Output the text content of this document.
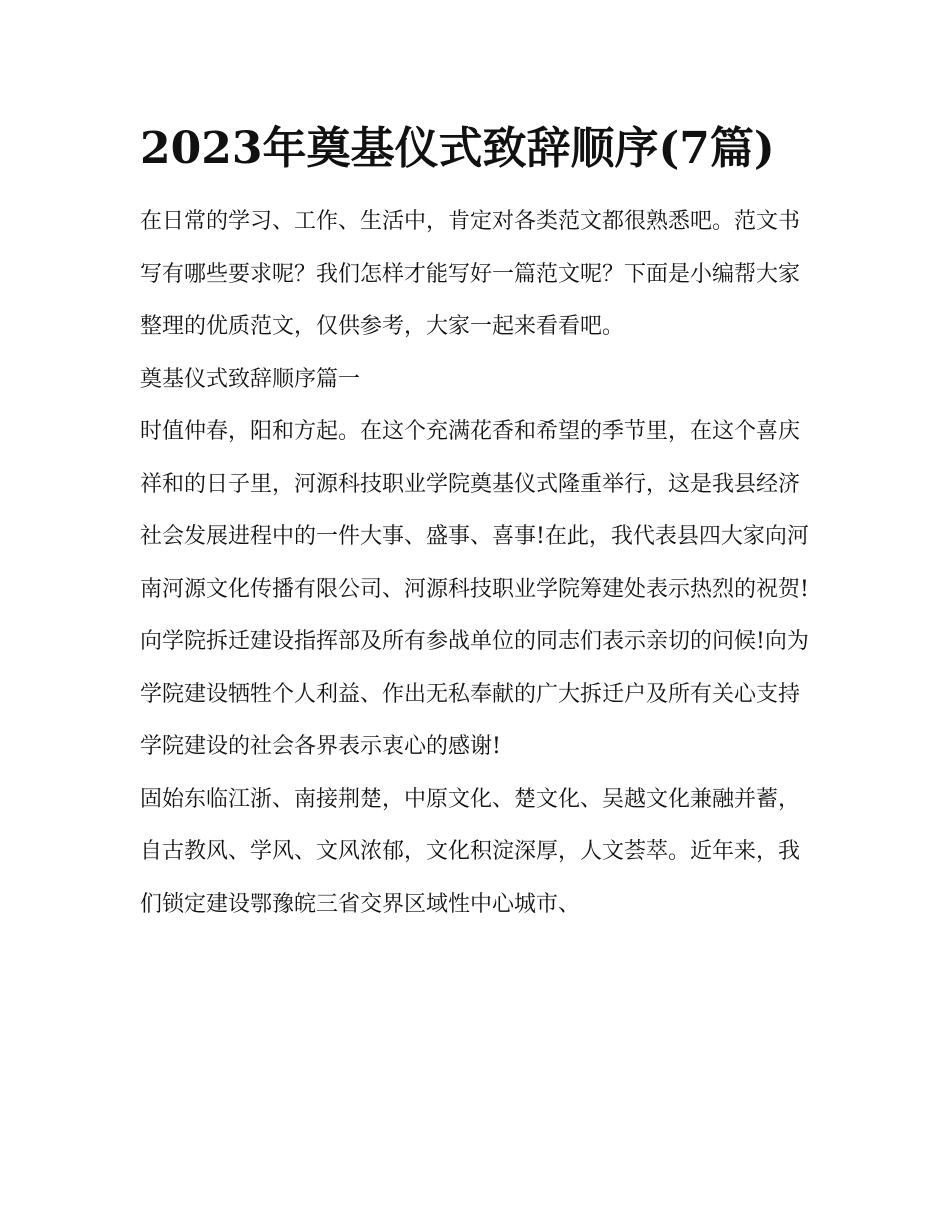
2023年奠基仪式致辞顺序(7篇)

在日常的学习、工作、生活中，肯定对各类范文都很熟悉吧。范文书写有哪些要求呢？我们怎样才能写好一篇范文呢？下面是小编帮大家整理的优质范文，仅供参考，大家一起来看看吧。

奠基仪式致辞顺序篇一

时值仲春，阳和方起。在这个充满花香和希望的季节里，在这个喜庆祥和的日子里，河源科技职业学院奠基仪式隆重举行，这是我县经济社会发展进程中的一件大事、盛事、喜事!在此，我代表县四大家向河南河源文化传播有限公司、河源科技职业学院筹建处表示热烈的祝贺!向学院拆迁建设指挥部及所有参战单位的同志们表示亲切的问候!向为学院建设牺牲个人利益、作出无私奉献的广大拆迁户及所有关心支持学院建设的社会各界表示衷心的感谢!

固始东临江浙、南接荆楚，中原文化、楚文化、吴越文化兼融并蓄，自古教风、学风、文风浓郁，文化积淀深厚，人文荟萃。近年来，我们锁定建设鄂豫皖三省交界区域性中心城市、
